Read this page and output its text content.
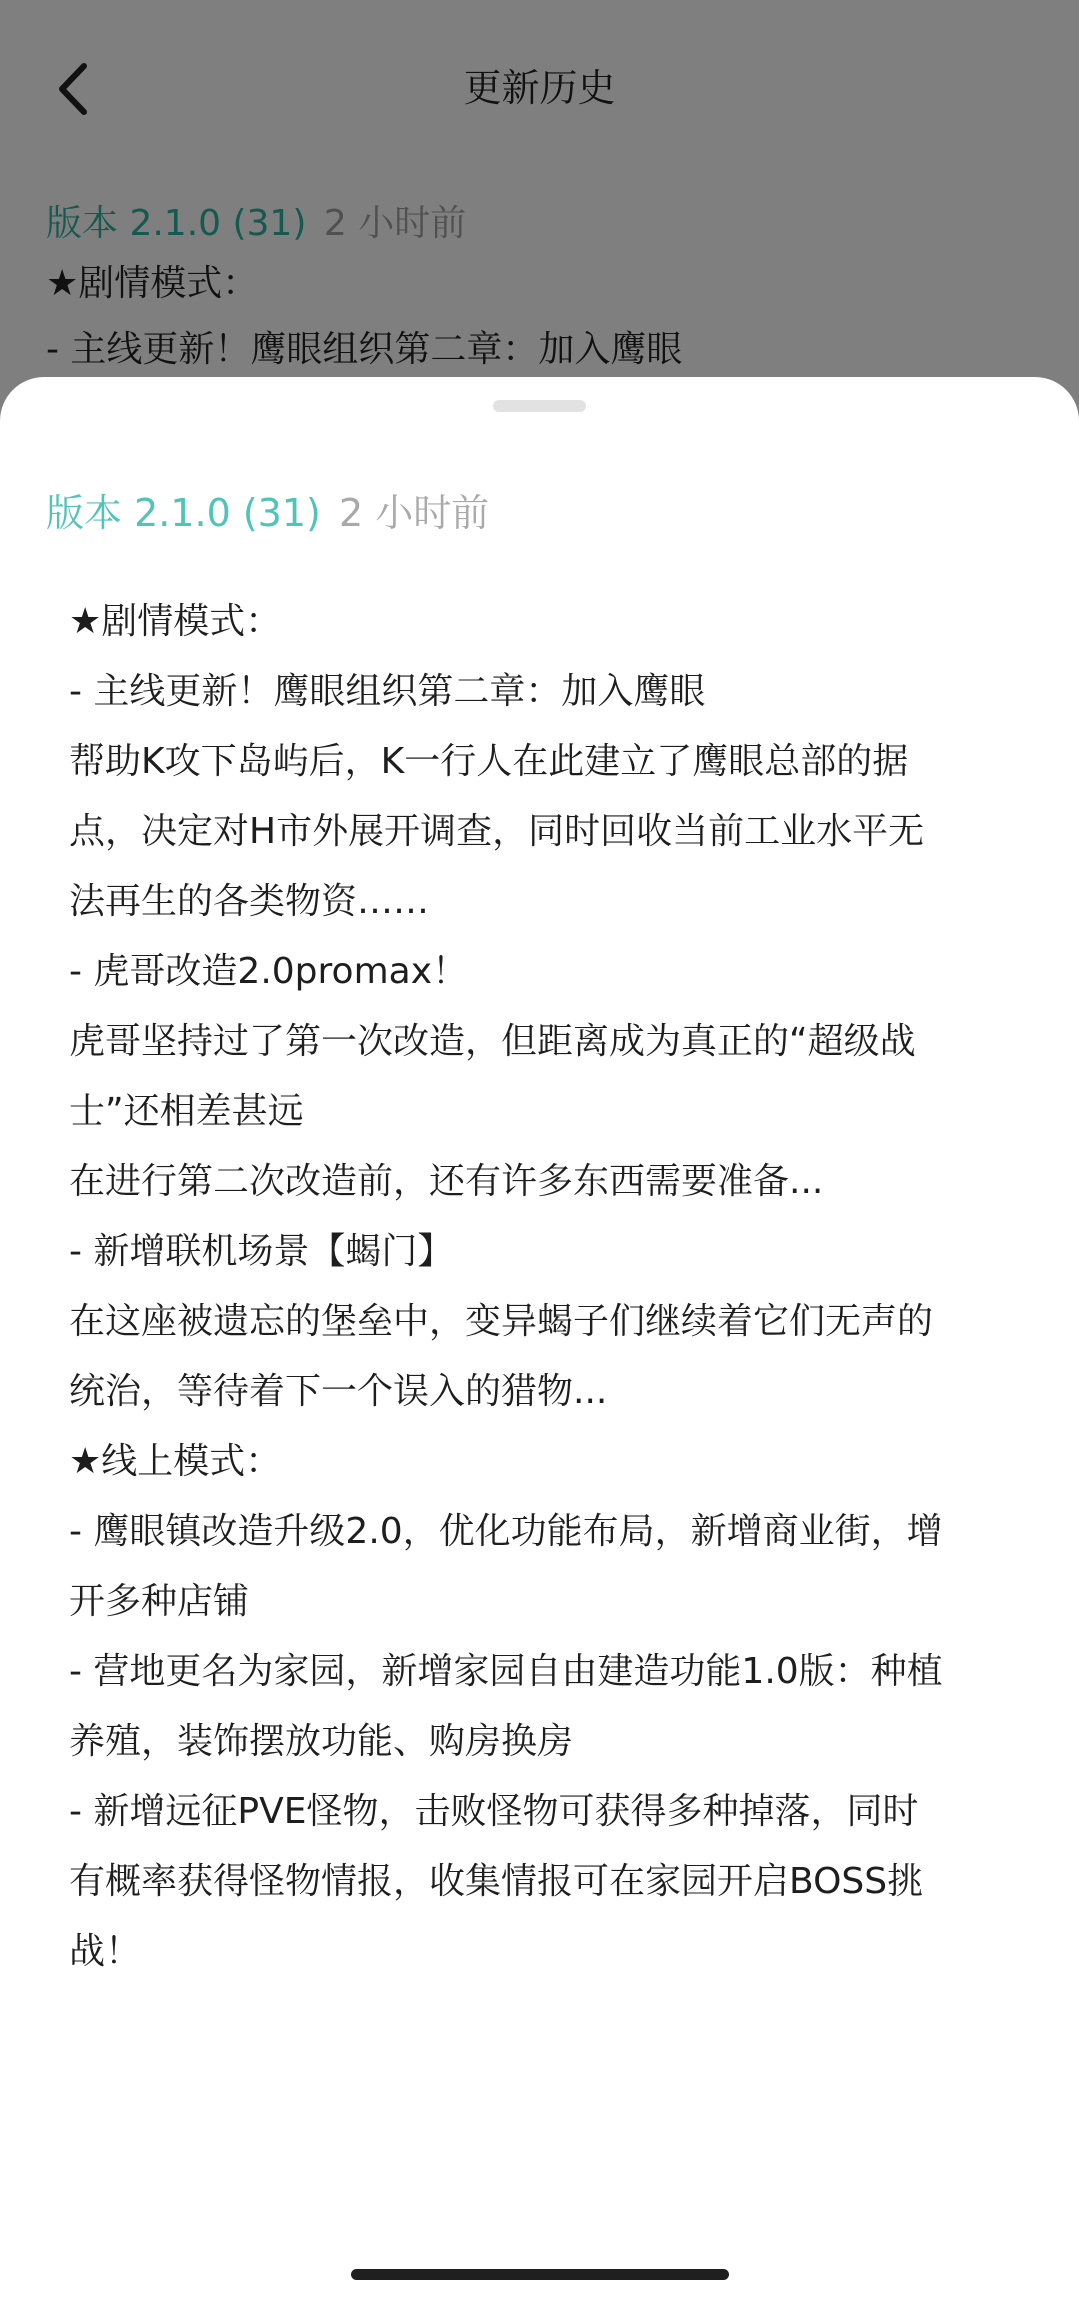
版本 2.1.0 (31) 2 小时前
★剧情模式：
- 主线更新！鹰眼组织第二章：加入鹰眼
帮助K攻下岛屿后，K一行人在此建立了鹰眼总部的据
点，决定对H市外展开调查，同时回收当前工业水平无
法再生的各类物资……
- 虎哥改造2.0promax！
虎哥坚持过了第一次改造，但距离成为真正的“超级战
士”还相差甚远
在进行第二次改造前，还有许多东西需要准备...
- 新增联机场景【蝎门】
在这座被遗忘的堡垒中，变异蝎子们继续着它们无声的
统治，等待着下一个误入的猎物...
★线上模式：
- 鹰眼镇改造升级2.0，优化功能布局，新增商业街，增
开多种店铺
- 营地更名为家园，新增家园自由建造功能1.0版：种植
养殖，装饰摆放功能、购房换房
- 新增远征PVE怪物，击败怪物可获得多种掉落，同时
有概率获得怪物情报，收集情报可在家园开启BOSS挑
战！
